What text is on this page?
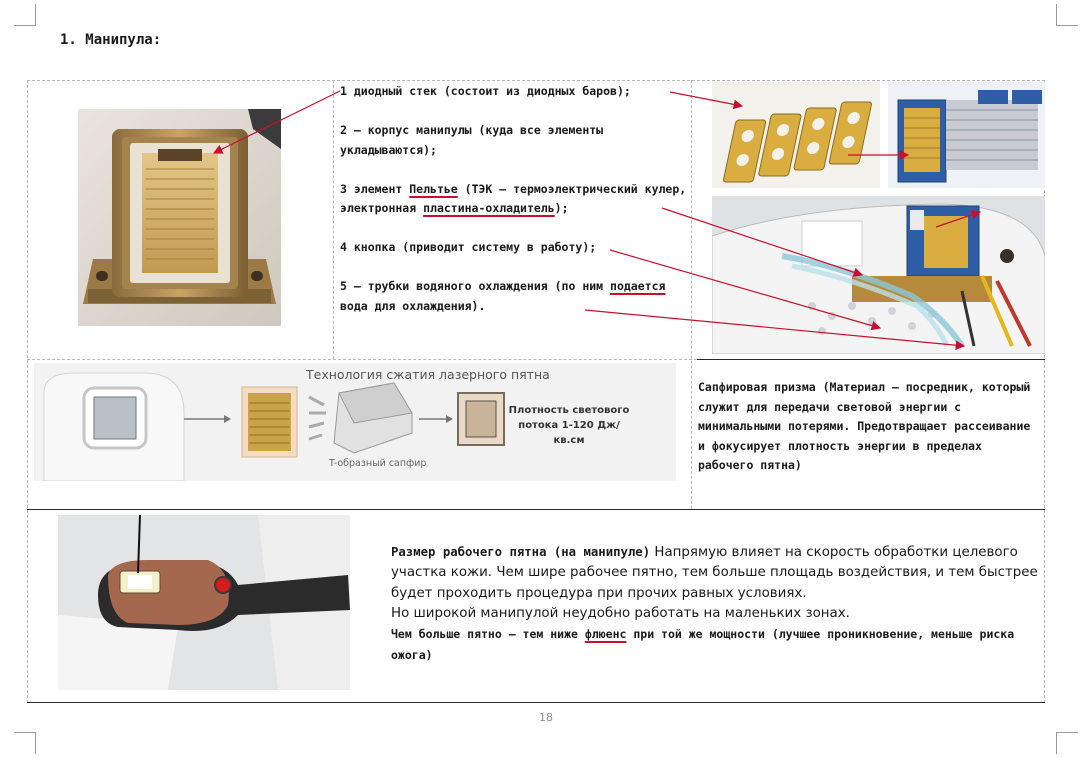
1. Манипула:

1 диодный стек (состоит из диодных баров);

2 – корпус манипулы (куда все элементы укладываются);

3 элемент Пельтье (ТЭК — термоэлектрический кулер, электронная пластина-охладитель);

4 кнопка (приводит систему в работу);

5 – трубки водяного охлаждения (по ним подается вода для охлаждения).

Технология сжатия лазерного пятна
T-образный сапфир
Плотность светового потока 1-120 Дж/кв.см
Сапфировая призма (Материал — посредник, который служит для передачи световой энергии с минимальными потерями. Предотвращает рассеивание и фокусирует плотность энергии в пределах рабочего пятна)
Размер рабочего пятна (на манипуле) Напрямую влияет на скорость обработки целевого участка кожи. Чем шире рабочее пятно, тем больше площадь воздействия, и тем быстрее будет проходить процедура при прочих равных условиях.
Но широкой манипулой неудобно работать на маленьких зонах.
Чем больше пятно — тем ниже флюенс при той же мощности (лучшее проникновение, меньше риска ожога)
18
